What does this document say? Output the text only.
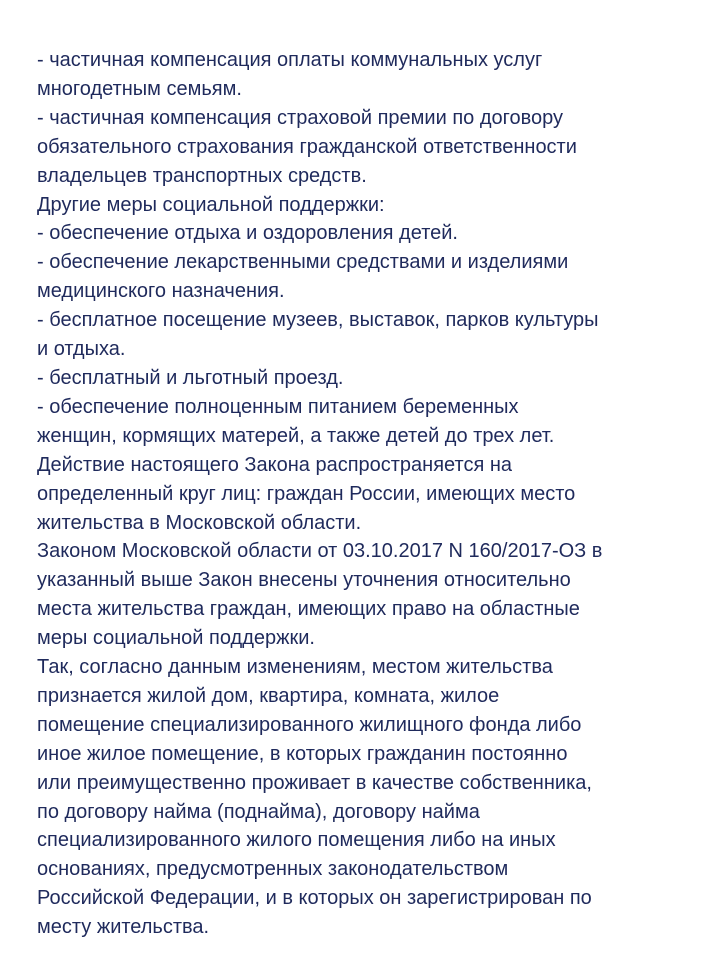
- частичная компенсация оплаты коммунальных услуг
многодетным семьям.
- частичная компенсация страховой премии по договору
обязательного страхования гражданской ответственности
владельцев транспортных средств.
Другие меры социальной поддержки:
- обеспечение отдыха и оздоровления детей.
- обеспечение лекарственными средствами и изделиями
медицинского назначения.
- бесплатное посещение музеев, выставок, парков культуры
и отдыха.
- бесплатный и льготный проезд.
- обеспечение полноценным питанием беременных
женщин, кормящих матерей, а также детей до трех лет.
Действие настоящего Закона распространяется на
определенный круг лиц: граждан России, имеющих место
жительства в Московской области.
Законом Московской области от 03.10.2017 N 160/2017-ОЗ в
указанный выше Закон внесены уточнения относительно
места жительства граждан, имеющих право на областные
меры социальной поддержки.
Так, согласно данным изменениям, местом жительства
признается жилой дом, квартира, комната, жилое
помещение специализированного жилищного фонда либо
иное жилое помещение, в которых гражданин постоянно
или преимущественно проживает в качестве собственника,
по договору найма (поднайма), договору найма
специализированного жилого помещения либо на иных
основаниях, предусмотренных законодательством
Российской Федерации, и в которых он зарегистрирован по
месту жительства.
